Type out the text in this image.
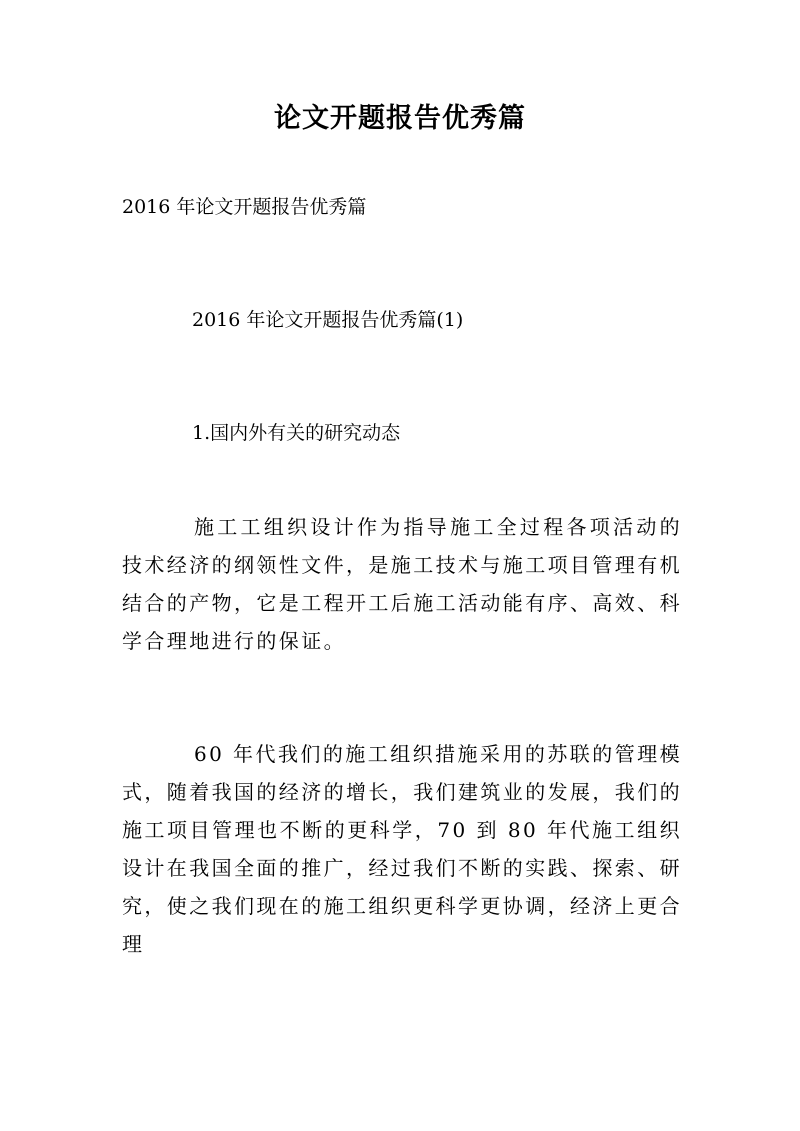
论文开题报告优秀篇
2016 年论文开题报告优秀篇
2016 年论文开题报告优秀篇(1)
1.国内外有关的研究动态

施工工组织设计作为指导施工全过程各项活动的技术经济的纲领性文件，是施工技术与施工项目管理有机结合的产物，它是工程开工后施工活动能有序、高效、科学合理地进行的保证。

60 年代我们的施工组织措施采用的苏联的管理模式，随着我国的经济的增长，我们建筑业的发展，我们的施工项目管理也不断的更科学，70 到 80 年代施工组织设计在我国全面的推广，经过我们不断的实践、探索、研究，使之我们现在的施工组织更科学更协调，经济上更合理
